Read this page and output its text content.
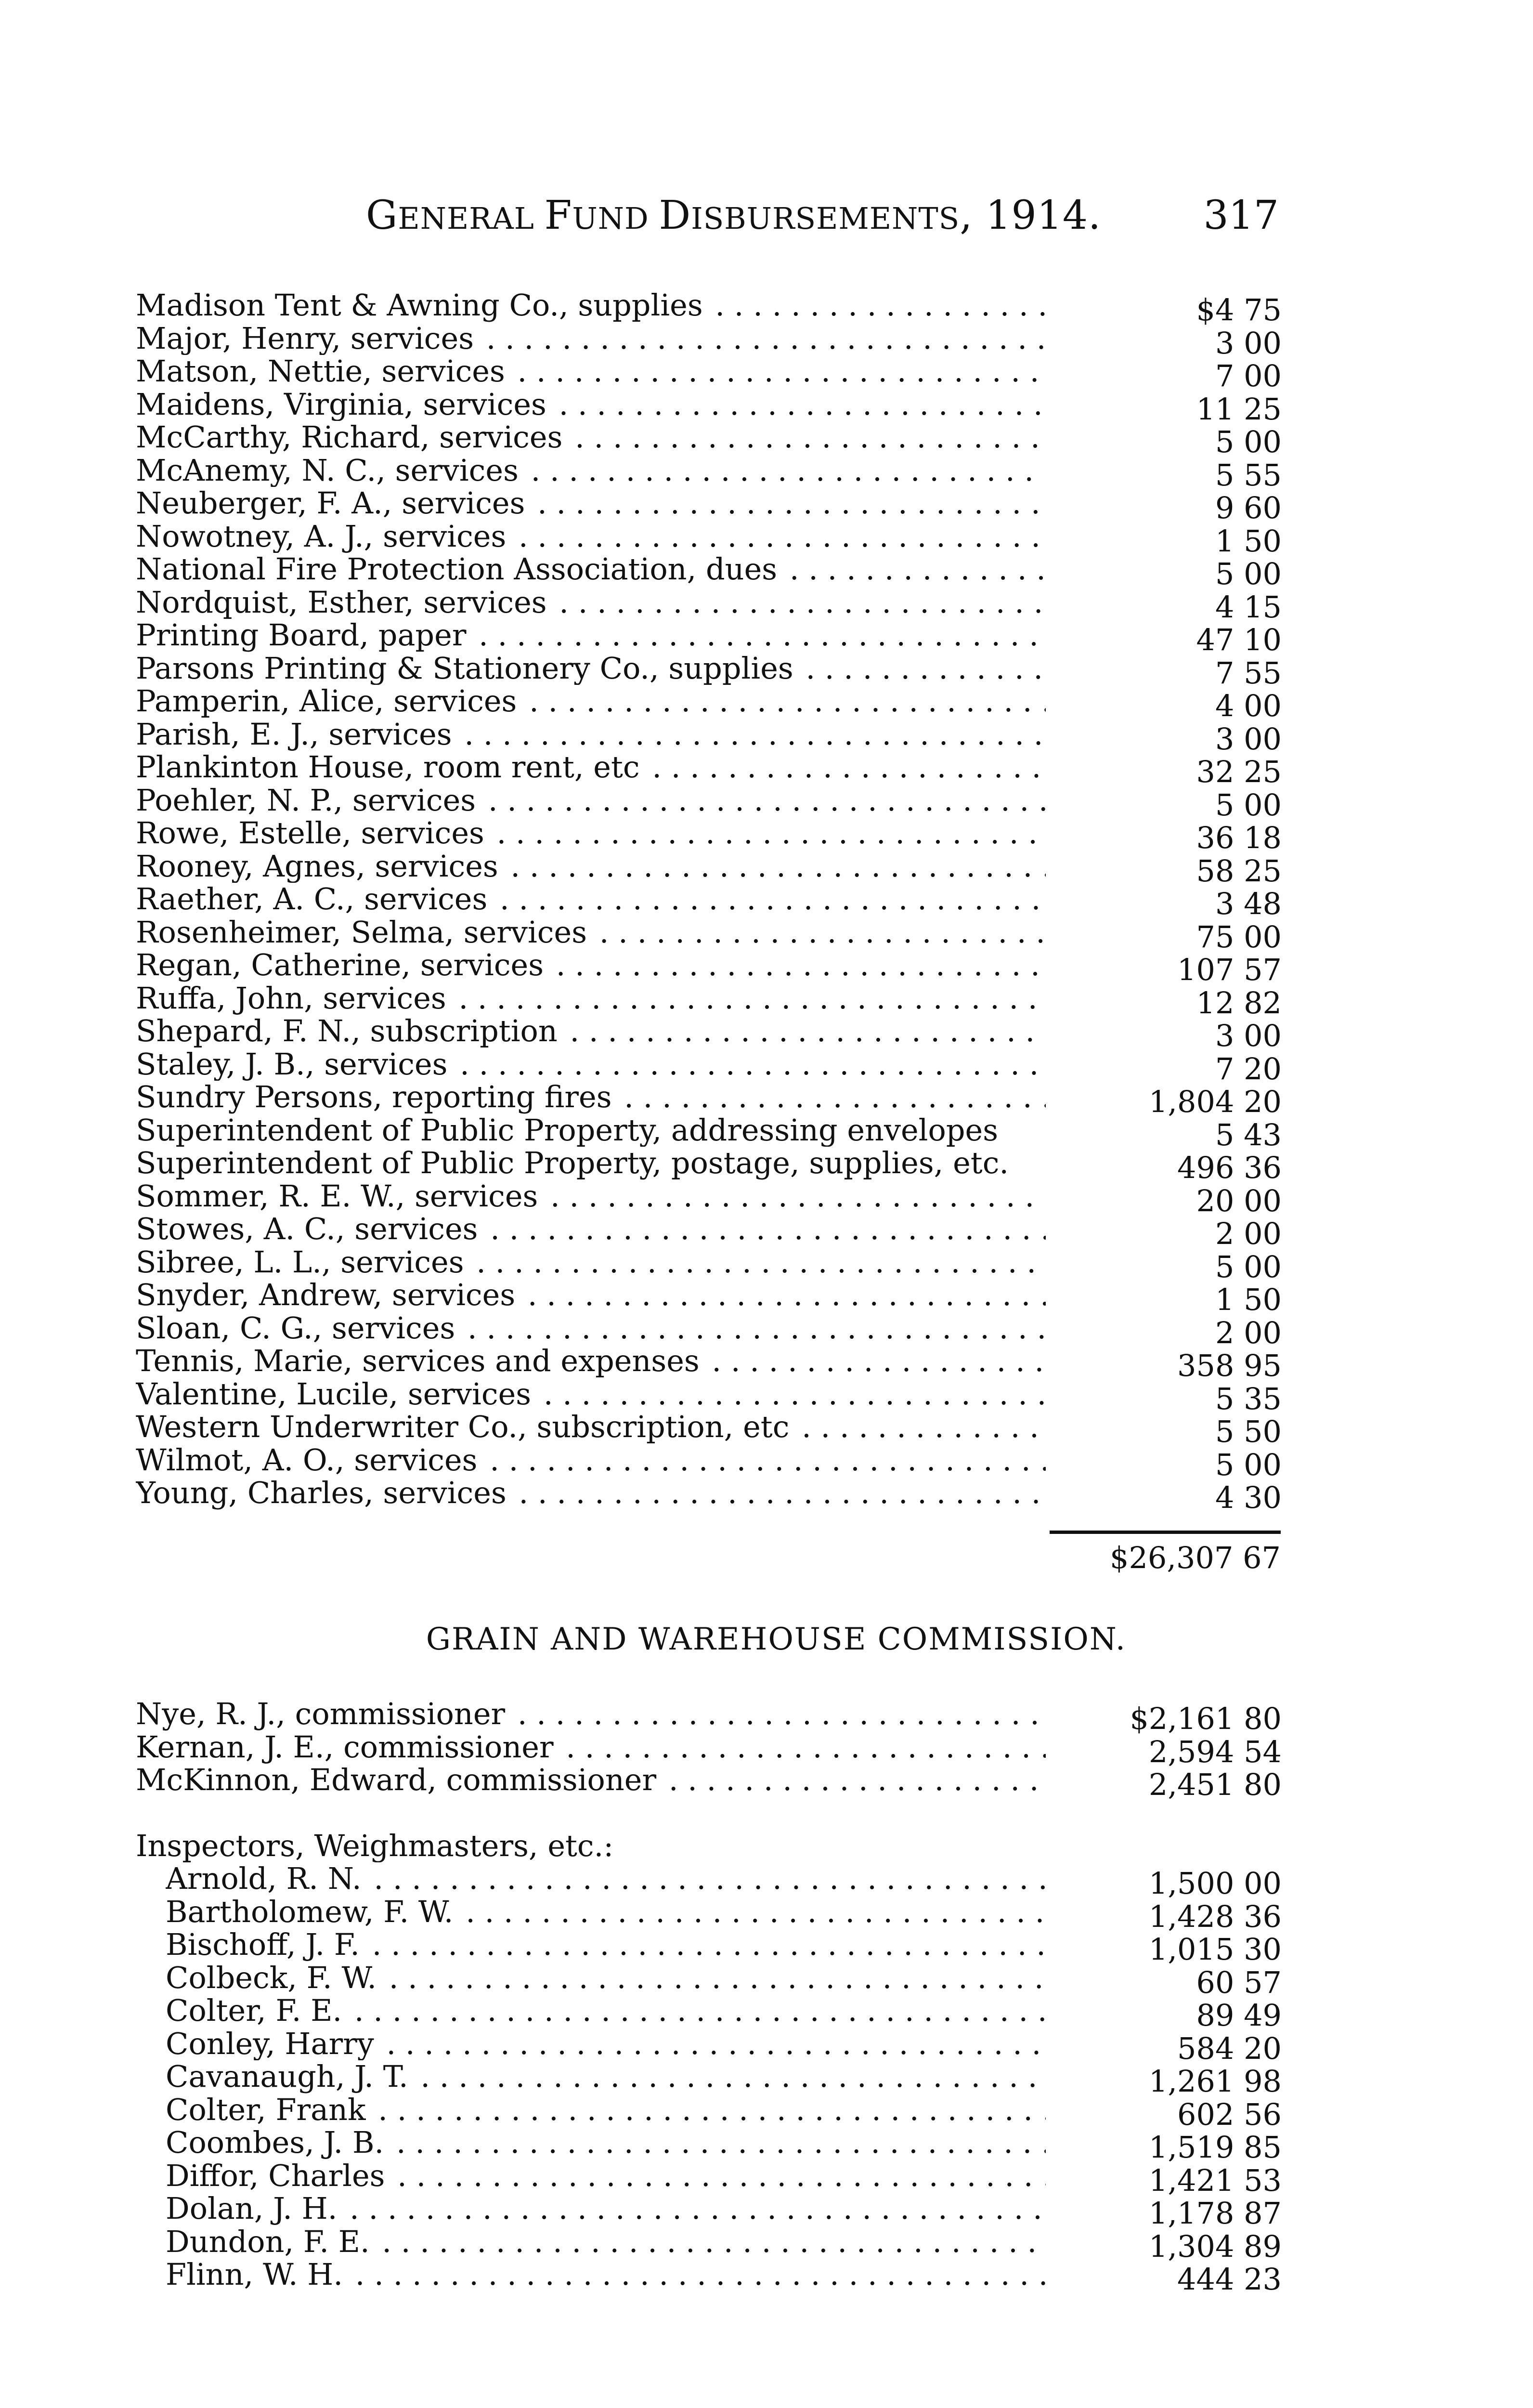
GENERAL FUND DISBURSEMENTS, 1914.	317
Madison Tent & Awning Co., supplies . . .	$4 75
Major, Henry, services . . .	3 00
Matson, Nettie, services . . .	7 00
Maidens, Virginia, services . . .	11 25
McCarthy, Richard, services . . .	5 00
McAnemy, N. C., services . . .	5 55
Neuberger, F. A., services . . .	9 60
Nowotney, A. J., services . . .	1 50
National Fire Protection Association, dues . . .	5 00
Nordquist, Esther, services . . .	4 15
Printing Board, paper . . .	47 10
Parsons Printing & Stationery Co., supplies . . .	7 55
Pamperin, Alice, services . . .	4 00
Parish, E. J., services . . .	3 00
Plankinton House, room rent, etc . . .	32 25
Poehler, N. P., services . . .	5 00
Rowe, Estelle, services . . .	36 18
Rooney, Agnes, services . . .	58 25
Raether, A. C., services . . .	3 48
Rosenheimer, Selma, services . . .	75 00
Regan, Catherine, services . . .	107 57
Ruffa, John, services . . .	12 82
Shepard, F. N., subscription . . .	3 00
Staley, J. B., services . . .	7 20
Sundry Persons, reporting fires . . .	1,804 20
Superintendent of Public Property, addressing envelopes	5 43
Superintendent of Public Property, postage, supplies, etc.	496 36
Sommer, R. E. W., services . . .	20 00
Stowes, A. C., services . . .	2 00
Sibree, L. L., services . . .	5 00
Snyder, Andrew, services . . .	1 50
Sloan, C. G., services . . .	2 00
Tennis, Marie, services and expenses . . .	358 95
Valentine, Lucile, services . . .	5 35
Western Underwriter Co., subscription, etc . . .	5 50
Wilmot, A. O., services . . .	5 00
Young, Charles, services . . .	4 30
$26,307 67
GRAIN AND WAREHOUSE COMMISSION.
Nye, R. J., commissioner . . .	$2,161 80
Kernan, J. E., commissioner . . .	2,594 54
McKinnon, Edward, commissioner . . .	2,451 80
Inspectors, Weighmasters, etc.:
Arnold, R. N. . . .	1,500 00
Bartholomew, F. W. . . .	1,428 36
Bischoff, J. F. . . .	1,015 30
Colbeck, F. W. . . .	60 57
Colter, F. E. . . .	89 49
Conley, Harry . . .	584 20
Cavanaugh, J. T. . . .	1,261 98
Colter, Frank . . .	602 56
Coombes, J. B. . . .	1,519 85
Diffor, Charles . . .	1,421 53
Dolan, J. H. . . .	1,178 87
Dundon, F. E. . . .	1,304 89
Flinn, W. H. . . .	444 23
